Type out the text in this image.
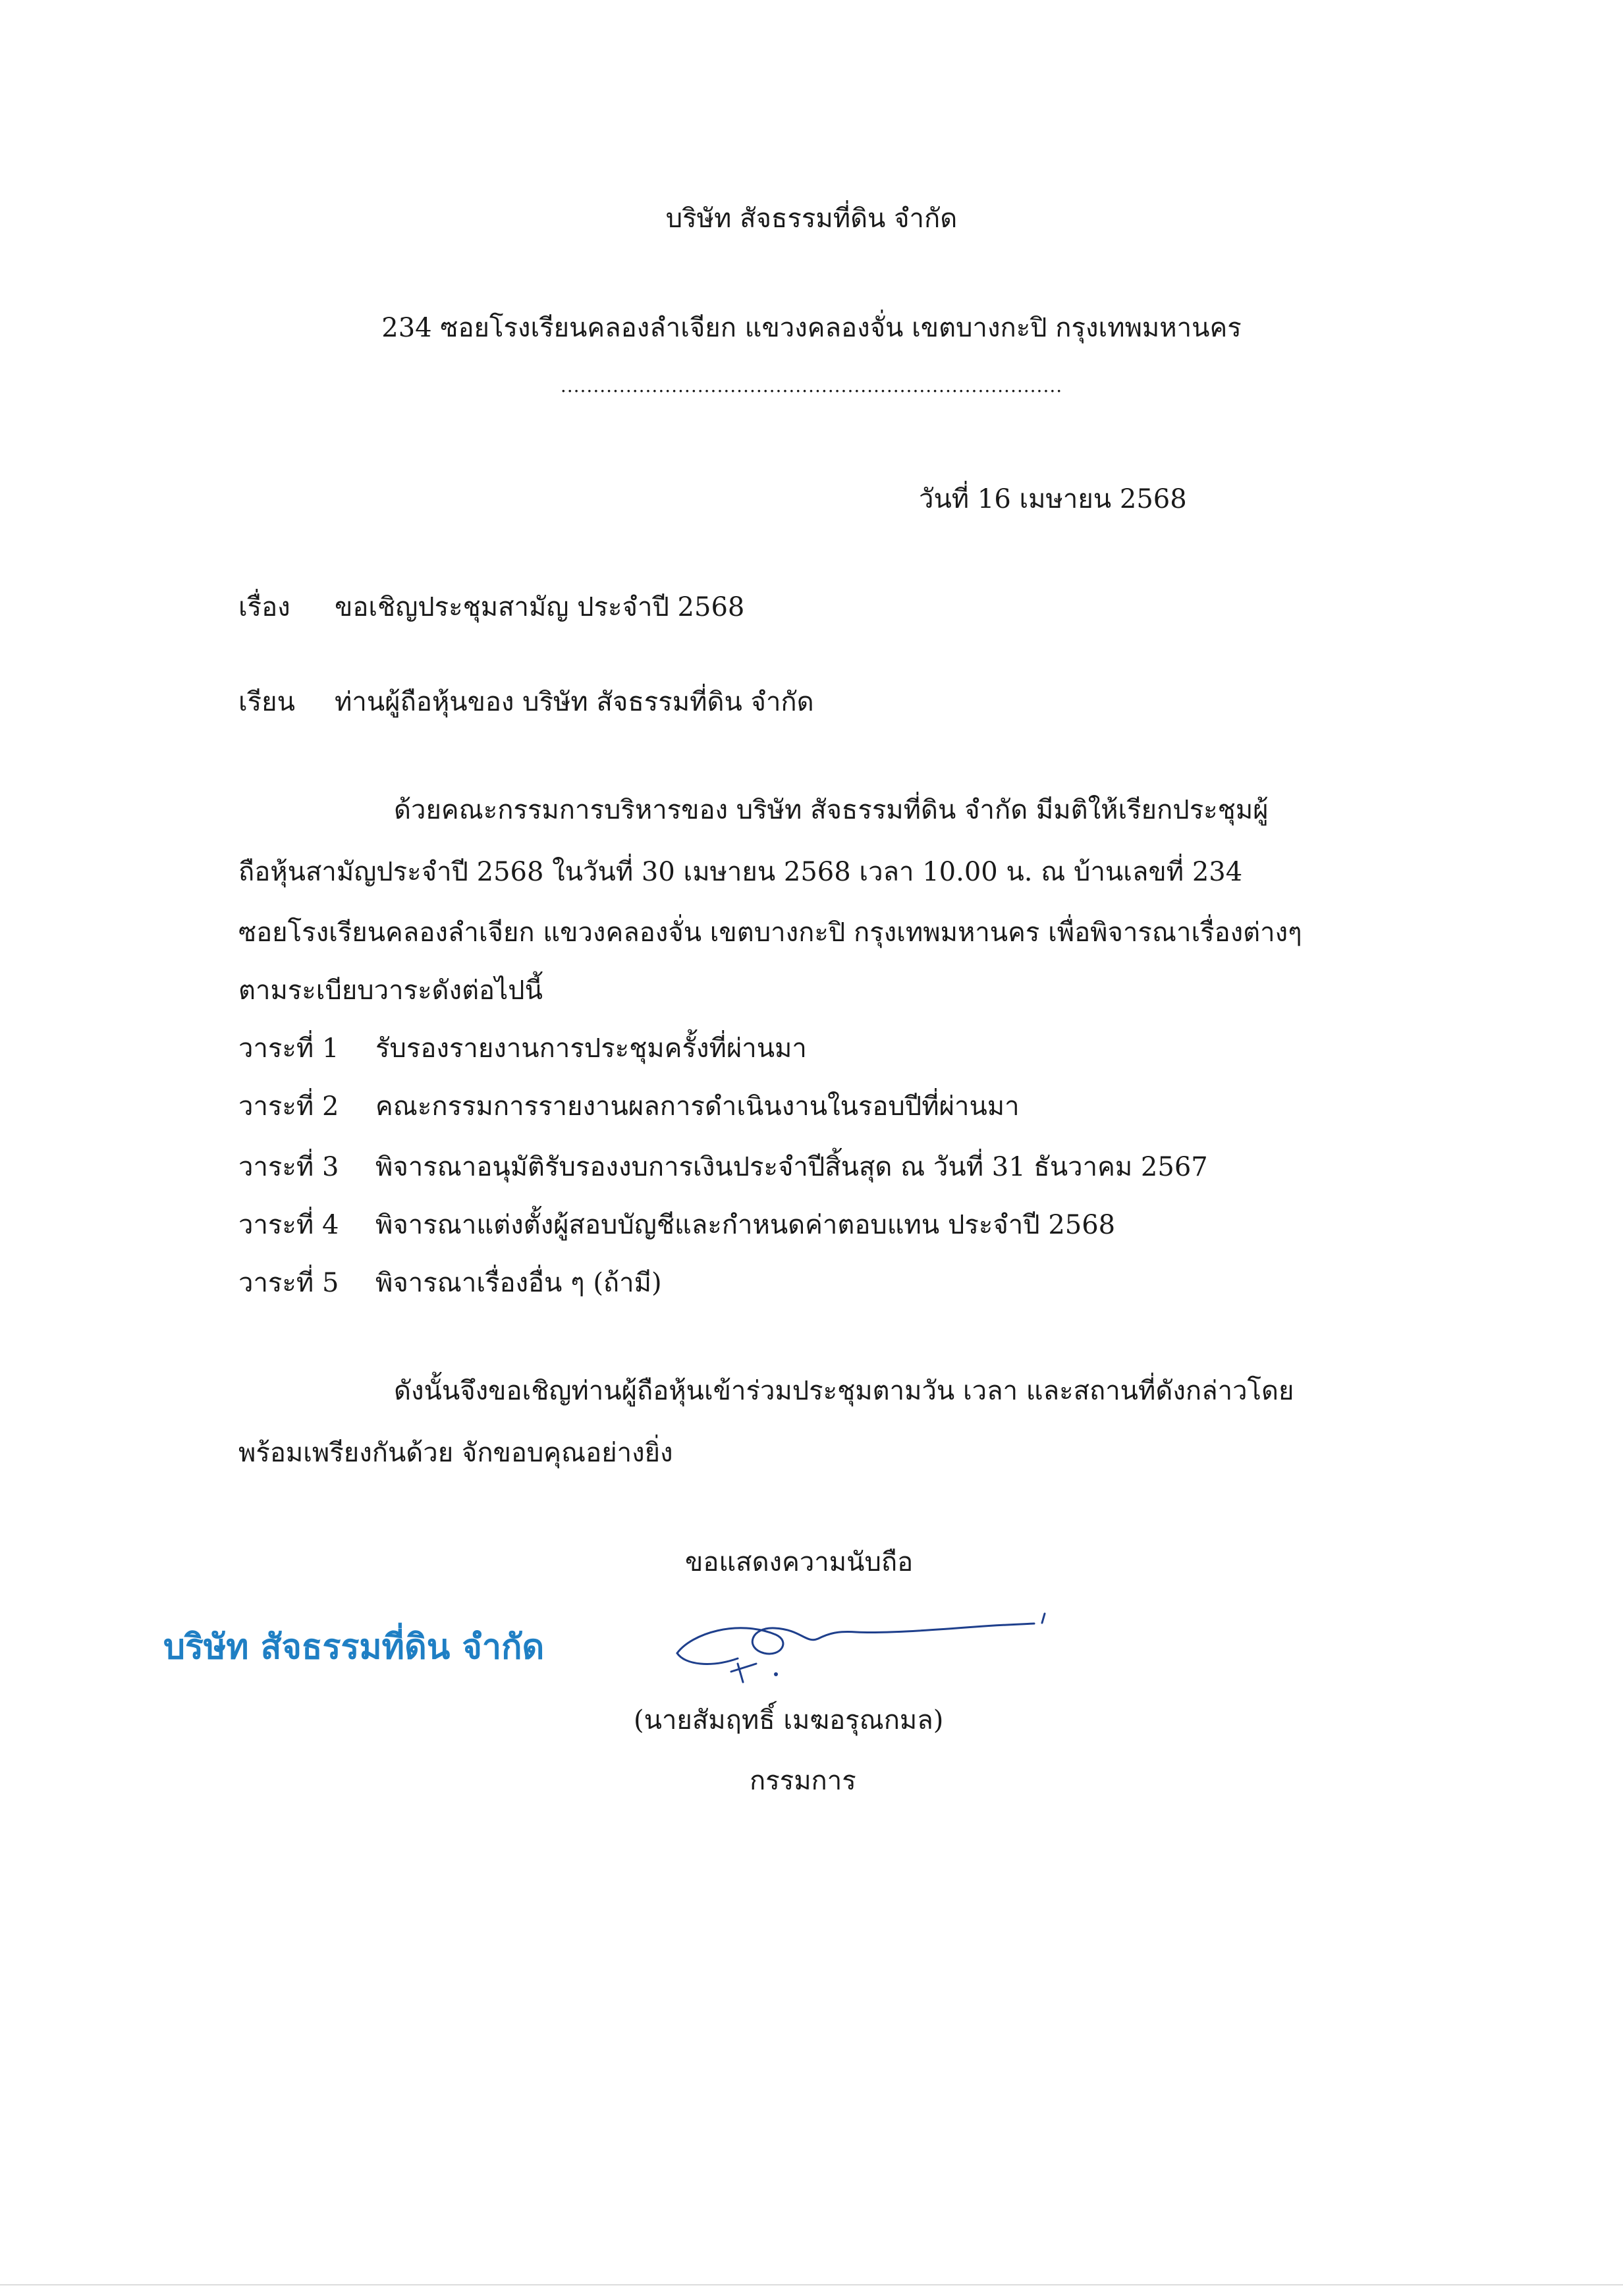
บริษัท สัจธรรมที่ดิน จำกัด
234 ซอยโรงเรียนคลองลำเจียก แขวงคลองจั่น เขตบางกะปิ กรุงเทพมหานคร
.............................................................................
วันที่ 16 เมษายน 2568
เรื่อง ขอเชิญประชุมสามัญ ประจำปี 2568
เรียน ท่านผู้ถือหุ้นของ บริษัท สัจธรรมที่ดิน จำกัด
ด้วยคณะกรรมการบริหารของ บริษัท สัจธรรมที่ดิน จำกัด มีมติให้เรียกประชุมผู้
ถือหุ้นสามัญประจำปี 2568 ในวันที่ 30 เมษายน 2568 เวลา 10.00 น. ณ บ้านเลขที่ 234
ซอยโรงเรียนคลองลำเจียก แขวงคลองจั่น เขตบางกะปิ กรุงเทพมหานคร เพื่อพิจารณาเรื่องต่างๆ
ตามระเบียบวาระดังต่อไปนี้
วาระที่ 1 รับรองรายงานการประชุมครั้งที่ผ่านมา
วาระที่ 2 คณะกรรมการรายงานผลการดำเนินงานในรอบปีที่ผ่านมา
วาระที่ 3 พิจารณาอนุมัติรับรองงบการเงินประจำปีสิ้นสุด ณ วันที่ 31 ธันวาคม 2567
วาระที่ 4 พิจารณาแต่งตั้งผู้สอบบัญชีและกำหนดค่าตอบแทน ประจำปี 2568
วาระที่ 5 พิจารณาเรื่องอื่น ๆ (ถ้ามี)
ดังนั้นจึงขอเชิญท่านผู้ถือหุ้นเข้าร่วมประชุมตามวัน เวลา และสถานที่ดังกล่าวโดย
พร้อมเพรียงกันด้วย จักขอบคุณอย่างยิ่ง
ขอแสดงความนับถือ
บริษัท สัจธรรมที่ดิน จำกัด
(นายสัมฤทธิ์ เมฆอรุณกมล)
กรรมการ
